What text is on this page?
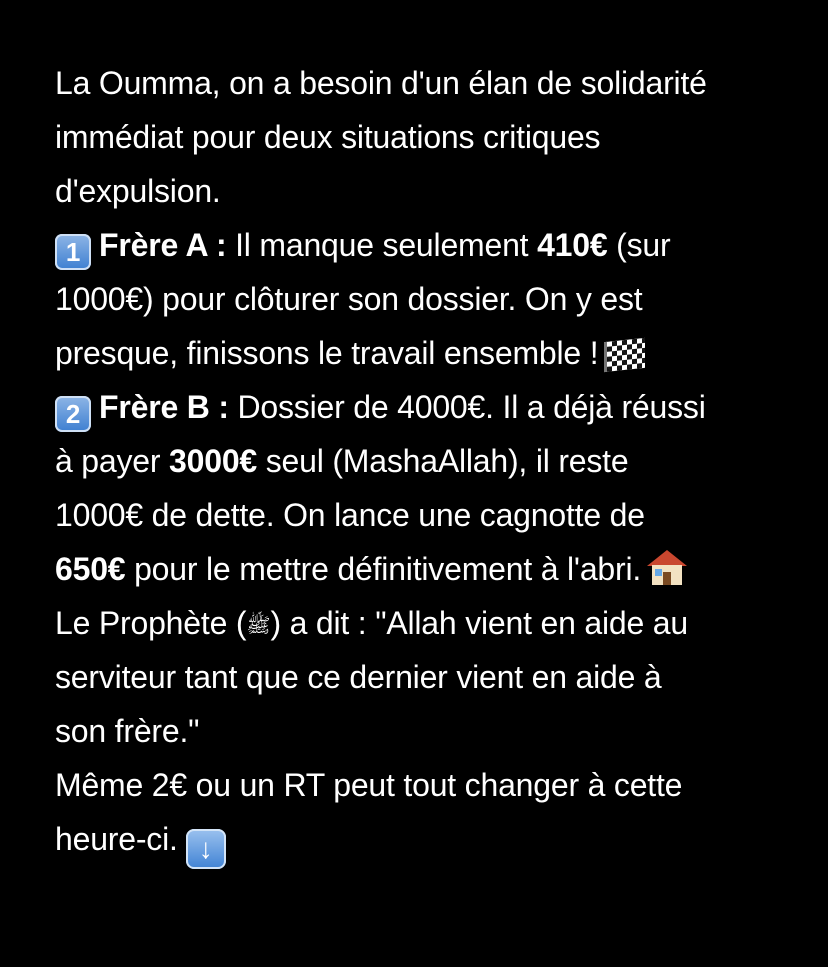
La Oumma, on a besoin d'un élan de solidarité
immédiat pour deux situations critiques
d'expulsion.
1 Frère A : Il manque seulement 410€ (sur
1000€) pour clôturer son dossier. On y est
presque, finissons le travail ensemble !
2 Frère B : Dossier de 4000€. Il a déjà réussi
à payer 3000€ seul (MashaAllah), il reste
1000€ de dette. On lance une cagnotte de
650€ pour le mettre définitivement à l'abri.
Le Prophète (ﷺ) a dit : "Allah vient en aide au
serviteur tant que ce dernier vient en aide à
son frère."
Même 2€ ou un RT peut tout changer à cette
heure-ci. ↓
